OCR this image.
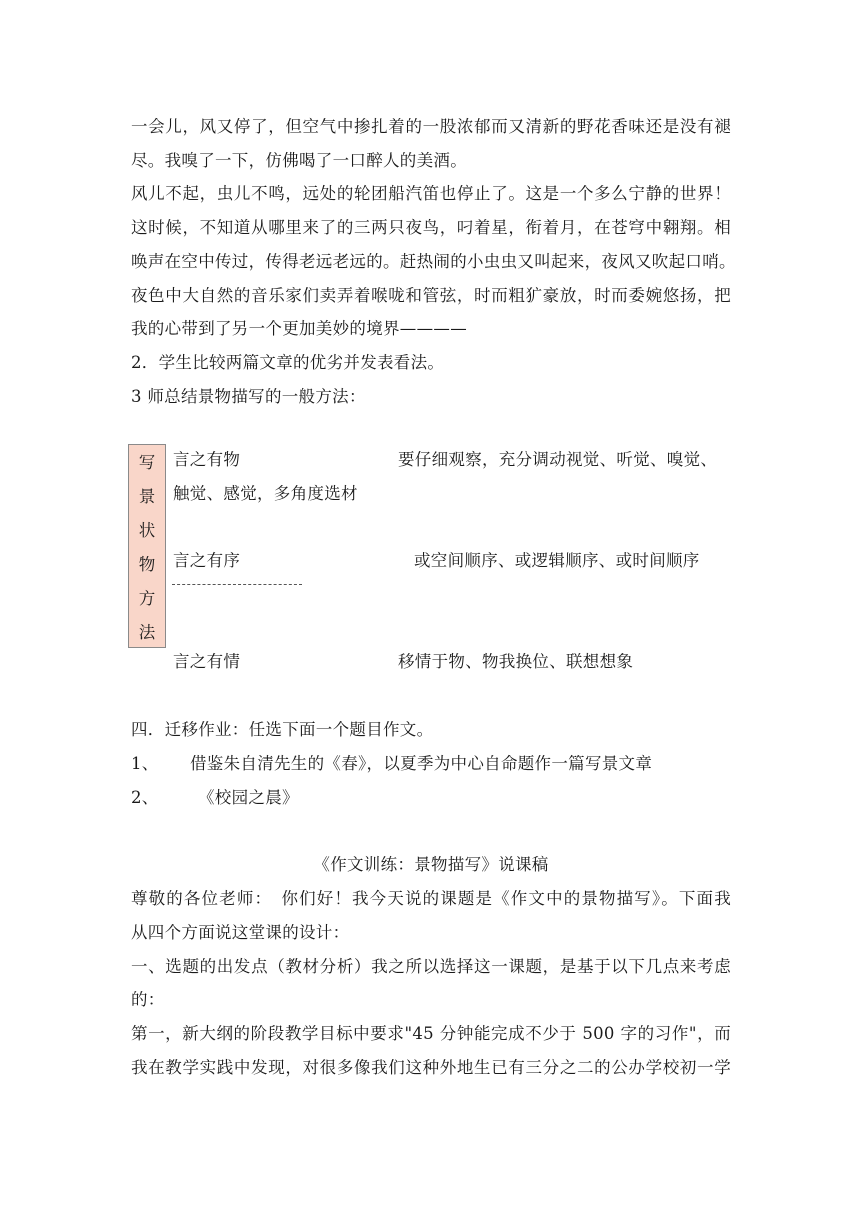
一会儿，风又停了，但空气中掺扎着的一股浓郁而又清新的野花香味还是没有褪
尽。我嗅了一下，仿佛喝了一口醉人的美酒。
风儿不起，虫儿不鸣，远处的轮团船汽笛也停止了。这是一个多么宁静的世界！
这时候，不知道从哪里来了的三两只夜鸟，叼着星，衔着月，在苍穹中翱翔。相
唤声在空中传过，传得老远老远的。赶热闹的小虫虫又叫起来，夜风又吹起口哨。
夜色中大自然的音乐家们卖弄着喉咙和管弦，时而粗犷豪放，时而委婉悠扬，把
我的心带到了另一个更加美妙的境界————
2．学生比较两篇文章的优劣并发表看法。
3 师总结景物描写的一般方法：
写
景
状
物
方
法
言之有物	要仔细观察，充分调动视觉、听觉、嗅觉、
触觉、感觉，多角度选材
言之有序	或空间顺序、或逻辑顺序、或时间顺序
言之有情	移情于物、物我换位、联想想象
四．迁移作业：任选下面一个题目作文。
1、 借鉴朱自清先生的《春》，以夏季为中心自命题作一篇写景文章
2、 《校园之晨》
《作文训练：景物描写》说课稿
尊敬的各位老师：　你们好！我今天说的课题是《作文中的景物描写》。下面我
从四个方面说这堂课的设计：
一、选题的出发点（教材分析）我之所以选择这一课题，是基于以下几点来考虑
的：
第一，新大纲的阶段教学目标中要求"45 分钟能完成不少于 500 字的习作"，而
我在教学实践中发现，对很多像我们这种外地生已有三分之二的公办学校初一学
